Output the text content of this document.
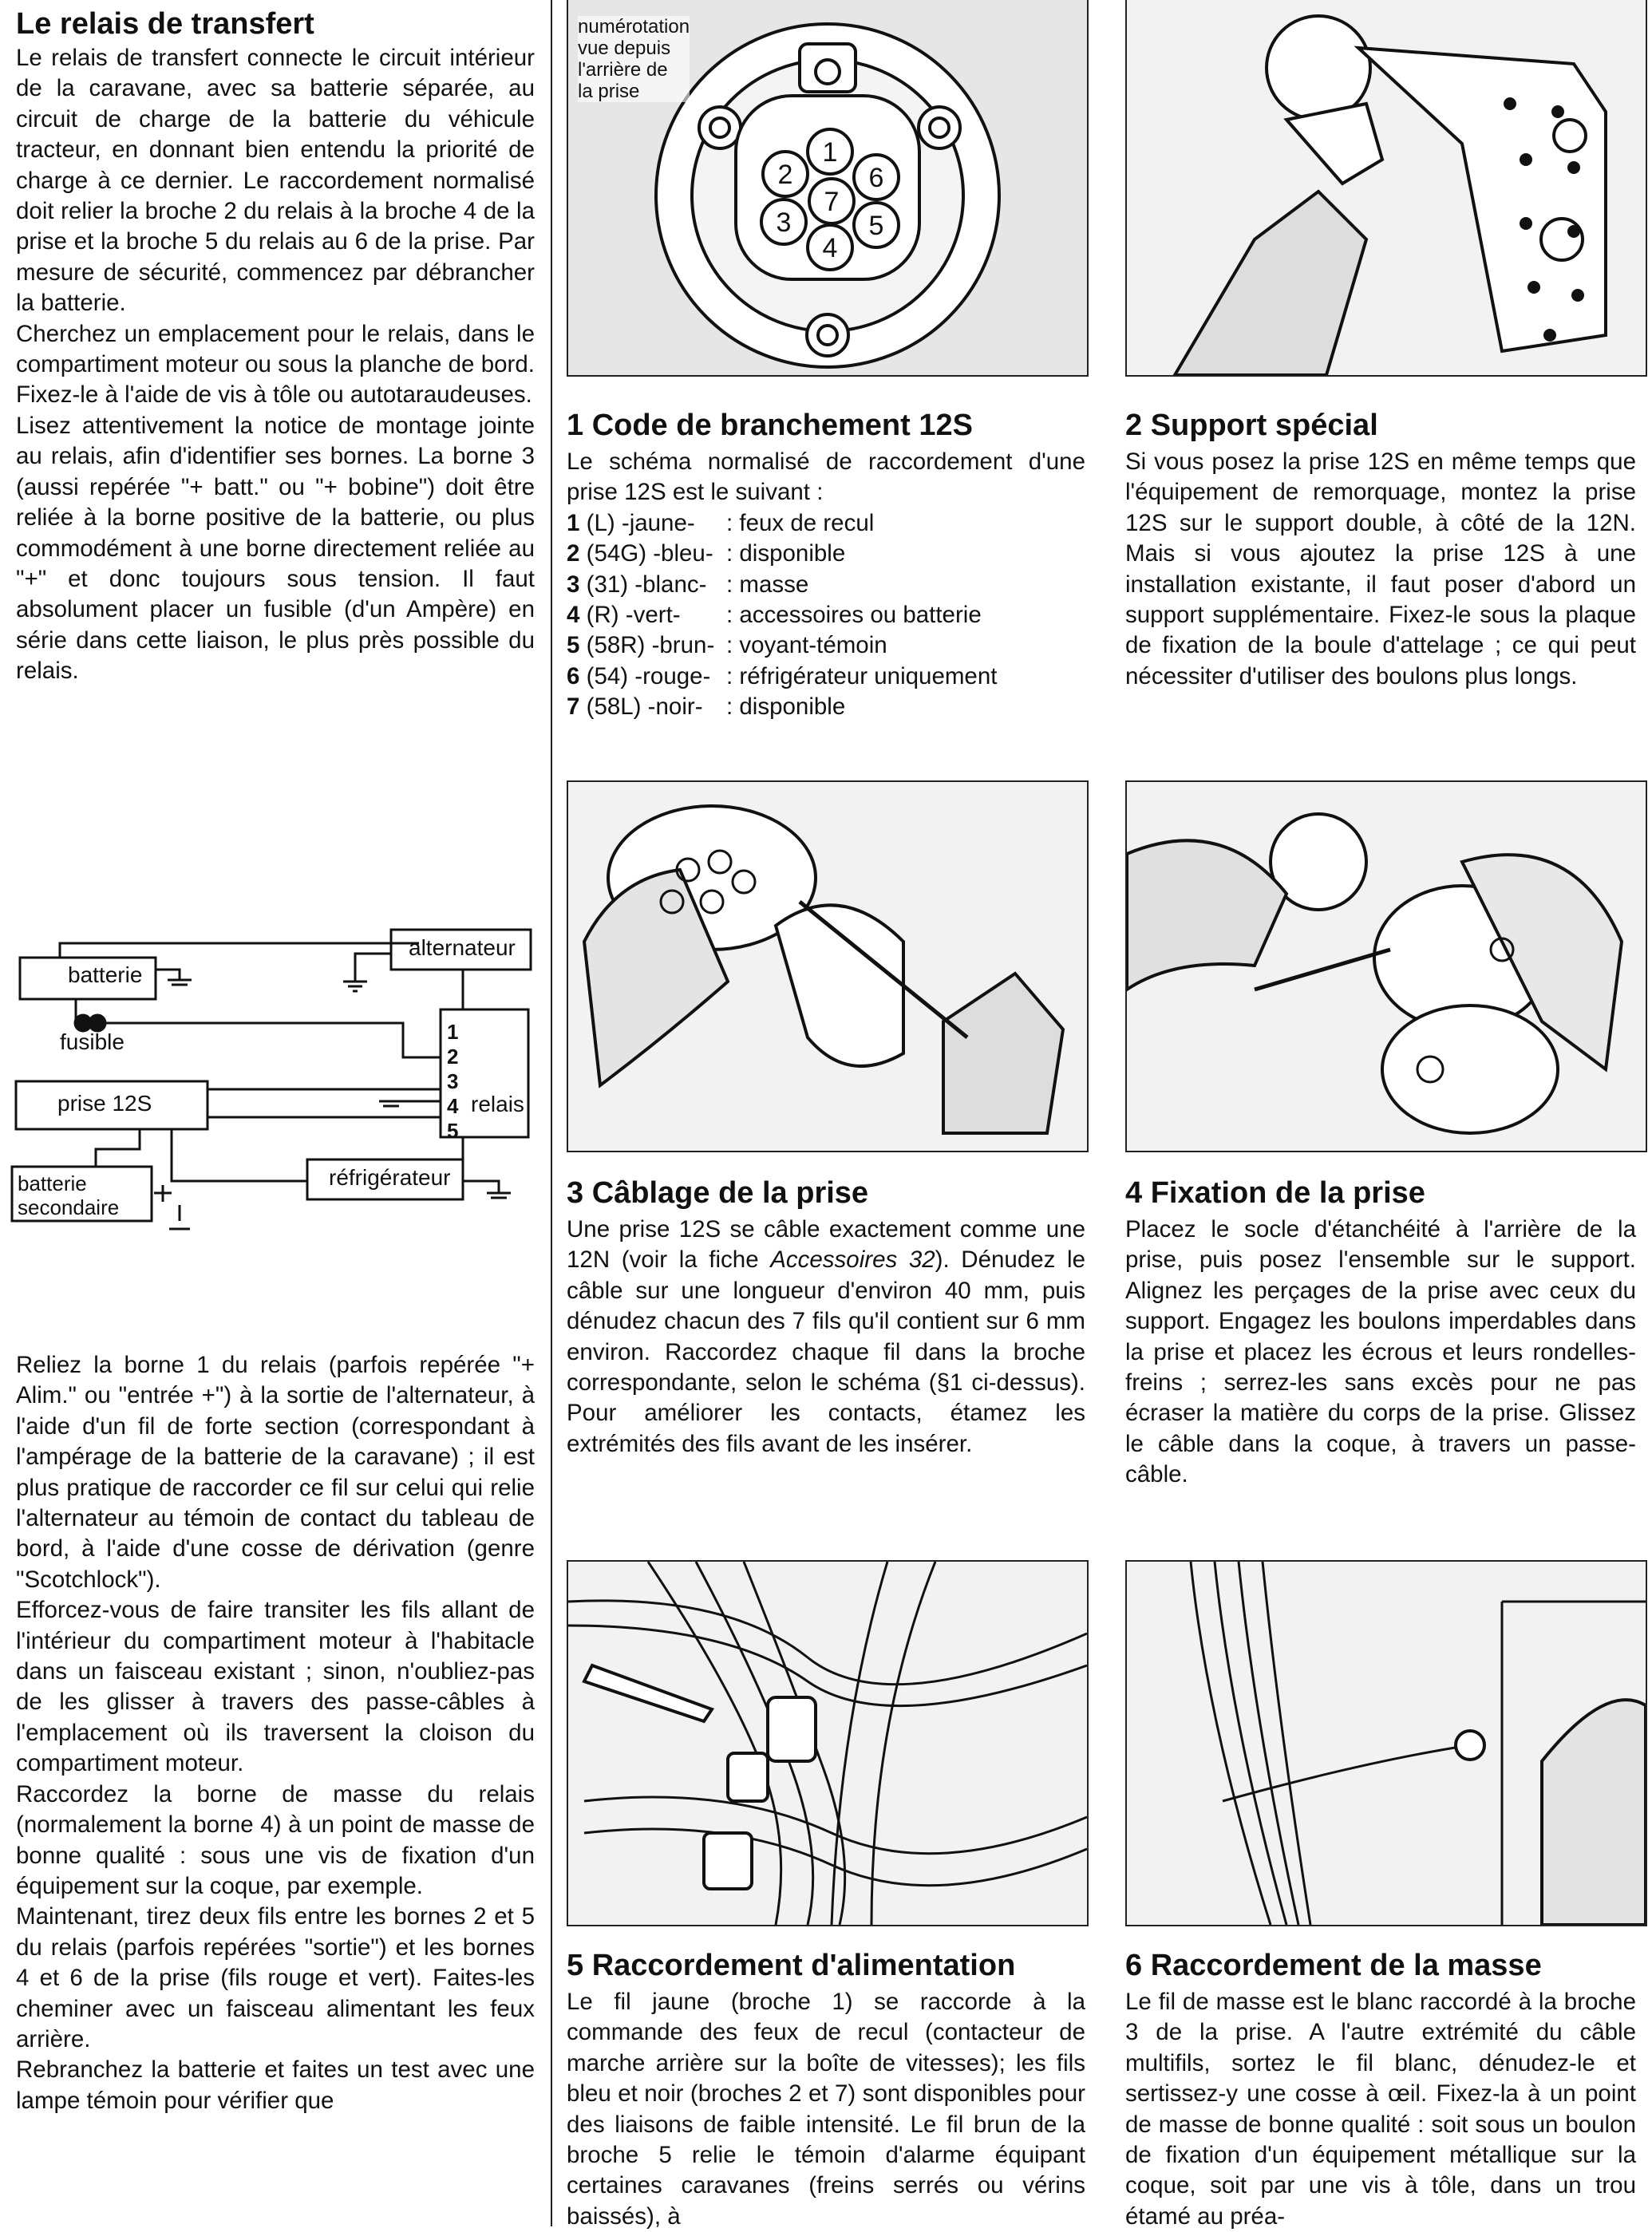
Le relais de transfert

Le relais de transfert connecte le circuit intérieur de la caravane, avec sa batterie séparée, au circuit de charge de la batterie du véhicule tracteur, en donnant bien entendu la priorité de charge à ce dernier. Le raccordement normalisé doit relier la broche 2 du relais à la broche 4 de la prise et la broche 5 du relais au 6 de la prise. Par mesure de sécurité, commencez par débrancher la batterie.

Cherchez un emplacement pour le relais, dans le compartiment moteur ou sous la planche de bord. Fixez-le à l'aide de vis à tôle ou autotaraudeuses.

Lisez attentivement la notice de montage jointe au relais, afin d'identifier ses bornes. La borne 3 (aussi repérée "+ batt." ou "+ bobine") doit être reliée à la borne positive de la batterie, ou plus commodément à une borne directement reliée au "+" et donc toujours sous tension. Il faut absolument placer un fusible (d'un Ampère) en série dans cette liaison, le plus près possible du relais.

batterie
alternateur
fusible
prise 12S	relais
batterie
secondaire
réfrigérateur
1
2
3
4
5

Reliez la borne 1 du relais (parfois repérée "+ Alim." ou "entrée +") à la sortie de l'alternateur, à l'aide d'un fil de forte section (correspondant à l'ampérage de la batterie de la caravane) ; il est plus pratique de raccorder ce fil sur celui qui relie l'alternateur au témoin de contact du tableau de bord, à l'aide d'une cosse de dérivation (genre "Scotchlock").

Efforcez-vous de faire transiter les fils allant de l'intérieur du compartiment moteur à l'habitacle dans un faisceau existant ; sinon, n'oubliez-pas de les glisser à travers des passe-câbles à l'emplacement où ils traversent la cloison du compartiment moteur.

Raccordez la borne de masse du relais (normalement la borne 4) à un point de masse de bonne qualité : sous une vis de fixation d'un équipement sur la coque, par exemple.

Maintenant, tirez deux fils entre les bornes 2 et 5 du relais (parfois repérées "sortie") et les bornes 4 et 6 de la prise (fils rouge et vert). Faites-les cheminer avec un faisceau alimentant les feux arrière.

Rebranchez la batterie et faites un test avec une lampe témoin pour vérifier que

1
2
3
4
5
6
7
numérotation
vue depuis
l'arrière de
la prise
1 Code de branchement 12S

Le schéma normalisé de raccordement d'une prise 12S est le suivant :

1 (L) -jaune-	: feux de recul
2 (54G) -bleu-	: disponible
3 (31) -blanc-	: masse
4 (R) -vert-	: accessoires ou batterie
5 (58R) -brun-	: voyant-témoin
6 (54) -rouge-	: réfrigérateur uniquement
7 (58L) -noir-	: disponible
2 Support spécial

Si vous posez la prise 12S en même temps que l'équipement de remorquage, montez la prise 12S sur le support double, à côté de la 12N. Mais si vous ajoutez la prise 12S à une installation existante, il faut poser d'abord un support supplémentaire. Fixez-le sous la plaque de fixation de la boule d'attelage ; ce qui peut nécessiter d'utiliser des boulons plus longs.

3 Câblage de la prise

Une prise 12S se câble exactement comme une 12N (voir la fiche Accessoires 32). Dénudez le câble sur une longueur d'environ 40 mm, puis dénudez chacun des 7 fils qu'il contient sur 6 mm environ. Raccordez chaque fil dans la broche correspondante, selon le schéma (§1 ci-dessus). Pour améliorer les contacts, étamez les extrémités des fils avant de les insérer.

4 Fixation de la prise

Placez le socle d'étanchéité à l'arrière de la prise, puis posez l'ensemble sur le support. Alignez les perçages de la prise avec ceux du support. Engagez les boulons imperdables dans la prise et placez les écrous et leurs rondelles-freins ; serrez-les sans excès pour ne pas écraser la matière du corps de la prise. Glissez le câble dans la coque, à travers un passe-câble.

5 Raccordement d'alimentation

Le fil jaune (broche 1) se raccorde à la commande des feux de recul (contacteur de marche arrière sur la boîte de vitesses); les fils bleu et noir (broches 2 et 7) sont disponibles pour des liaisons de faible intensité. Le fil brun de la broche 5 relie le témoin d'alarme équipant certaines caravanes (freins serrés ou vérins baissés), à

6 Raccordement de la masse

Le fil de masse est le blanc raccordé à la broche 3 de la prise. A l'autre extrémité du câble multifils, sortez le fil blanc, dénudez-le et sertissez-y une cosse à œil. Fixez-la à un point de masse de bonne qualité : soit sous un boulon de fixation d'un équipement métallique sur la coque, soit par une vis à tôle, dans un trou étamé au préa-
